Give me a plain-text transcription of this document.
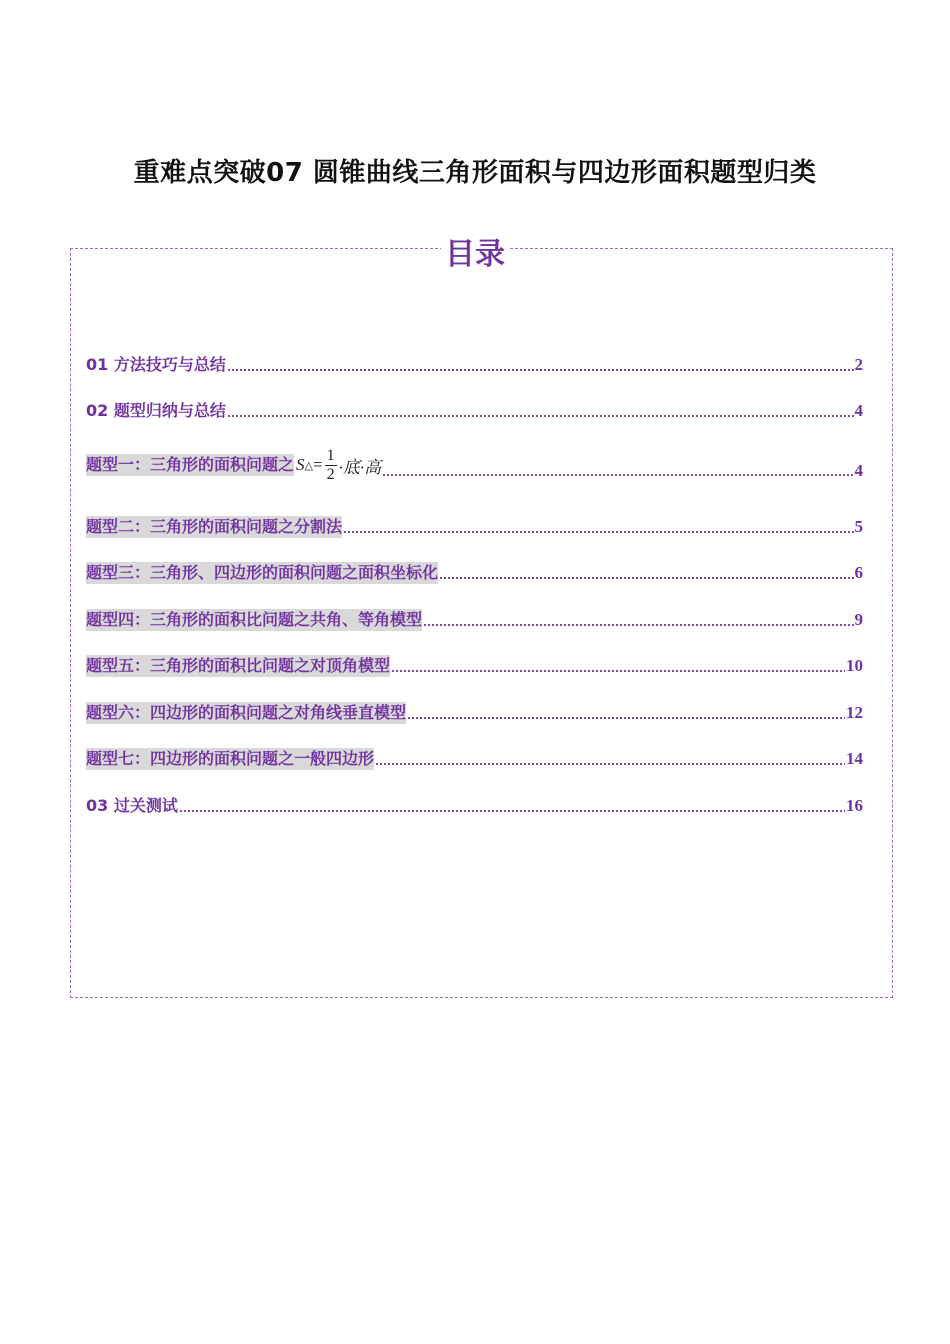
重难点突破07 圆锥曲线三角形面积与四边形面积题型归类
目录
01 方法技巧与总结	2
02 题型归纳与总结	4
题型一：三角形的面积问题之 S △ = $\frac{1}{2}$ ·底·高	4
题型二：三角形的面积问题之分割法	5
题型三：三角形、四边形的面积问题之面积坐标化	6
题型四：三角形的面积比问题之共角、等角模型	9
题型五：三角形的面积比问题之对顶角模型	10
题型六：四边形的面积问题之对角线垂直模型	12
题型七：四边形的面积问题之一般四边形	14
03 过关测试	16
